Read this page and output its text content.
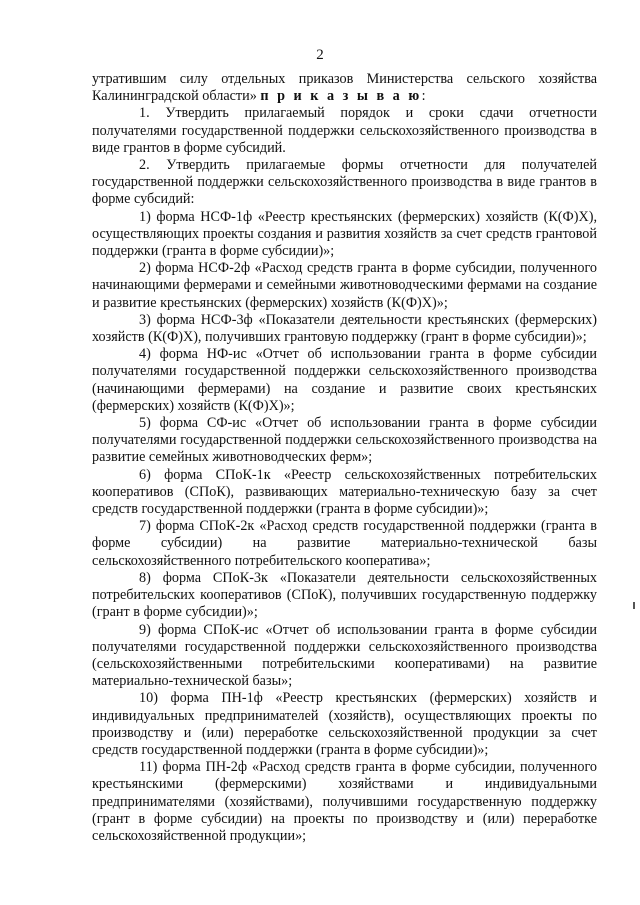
2

утратившим силу отдельных приказов Министерства сельского хозяйства Калининградской области» п р и к а з ы в а ю:

1. Утвердить прилагаемый порядок и сроки сдачи отчетности получателями государственной поддержки сельскохозяйственного производства в виде грантов в форме субсидий.

2. Утвердить прилагаемые формы отчетности для получателей государственной поддержки сельскохозяйственного производства в виде грантов в форме субсидий:

1) форма НСФ-1ф «Реестр крестьянских (фермерских) хозяйств (К(Ф)Х), осуществляющих проекты создания и развития хозяйств за счет средств грантовой поддержки (гранта в форме субсидии)»;

2) форма НСФ-2ф «Расход средств гранта в форме субсидии, полученного начинающими фермерами и семейными животноводческими фермами на создание и развитие крестьянских (фермерских) хозяйств (К(Ф)Х)»;

3) форма НСФ-3ф «Показатели деятельности крестьянских (фермерских) хозяйств (К(Ф)Х), получивших грантовую поддержку (грант в форме субсидии)»;

4) форма НФ-ис «Отчет об использовании гранта в форме субсидии получателями государственной поддержки сельскохозяйственного производства (начинающими фермерами) на создание и развитие своих крестьянских (фермерских) хозяйств (К(Ф)Х)»;

5) форма СФ-ис «Отчет об использовании гранта в форме субсидии получателями государственной поддержки сельскохозяйственного производства на развитие семейных животноводческих ферм»;

6) форма СПоК-1к «Реестр сельскохозяйственных потребительских кооперативов (СПоК), развивающих материально-техническую базу за счет средств государственной поддержки (гранта в форме субсидии)»;

7) форма СПоК-2к «Расход средств государственной поддержки (гранта в форме субсидии) на развитие материально-технической базы сельскохозяйственного потребительского кооператива»;

8) форма СПоК-3к «Показатели деятельности сельскохозяйственных потребительских кооперативов (СПоК), получивших государственную поддержку (грант в форме субсидии)»;

9) форма СПоК-ис «Отчет об использовании гранта в форме субсидии получателями государственной поддержки сельскохозяйственного производства (сельскохозяйственными потребительскими кооперативами) на развитие материально-технической базы»;

10) форма ПН-1ф «Реестр крестьянских (фермерских) хозяйств и индивидуальных предпринимателей (хозяйств), осуществляющих проекты по производству и (или) переработке сельскохозяйственной продукции за счет средств государственной поддержки (гранта в форме субсидии)»;

11) форма ПН-2ф «Расход средств гранта в форме субсидии, полученного крестьянскими (фермерскими) хозяйствами и индивидуальными предпринимателями (хозяйствами), получившими государственную поддержку (грант в форме субсидии) на проекты по производству и (или) переработке сельскохозяйственной продукции»;
